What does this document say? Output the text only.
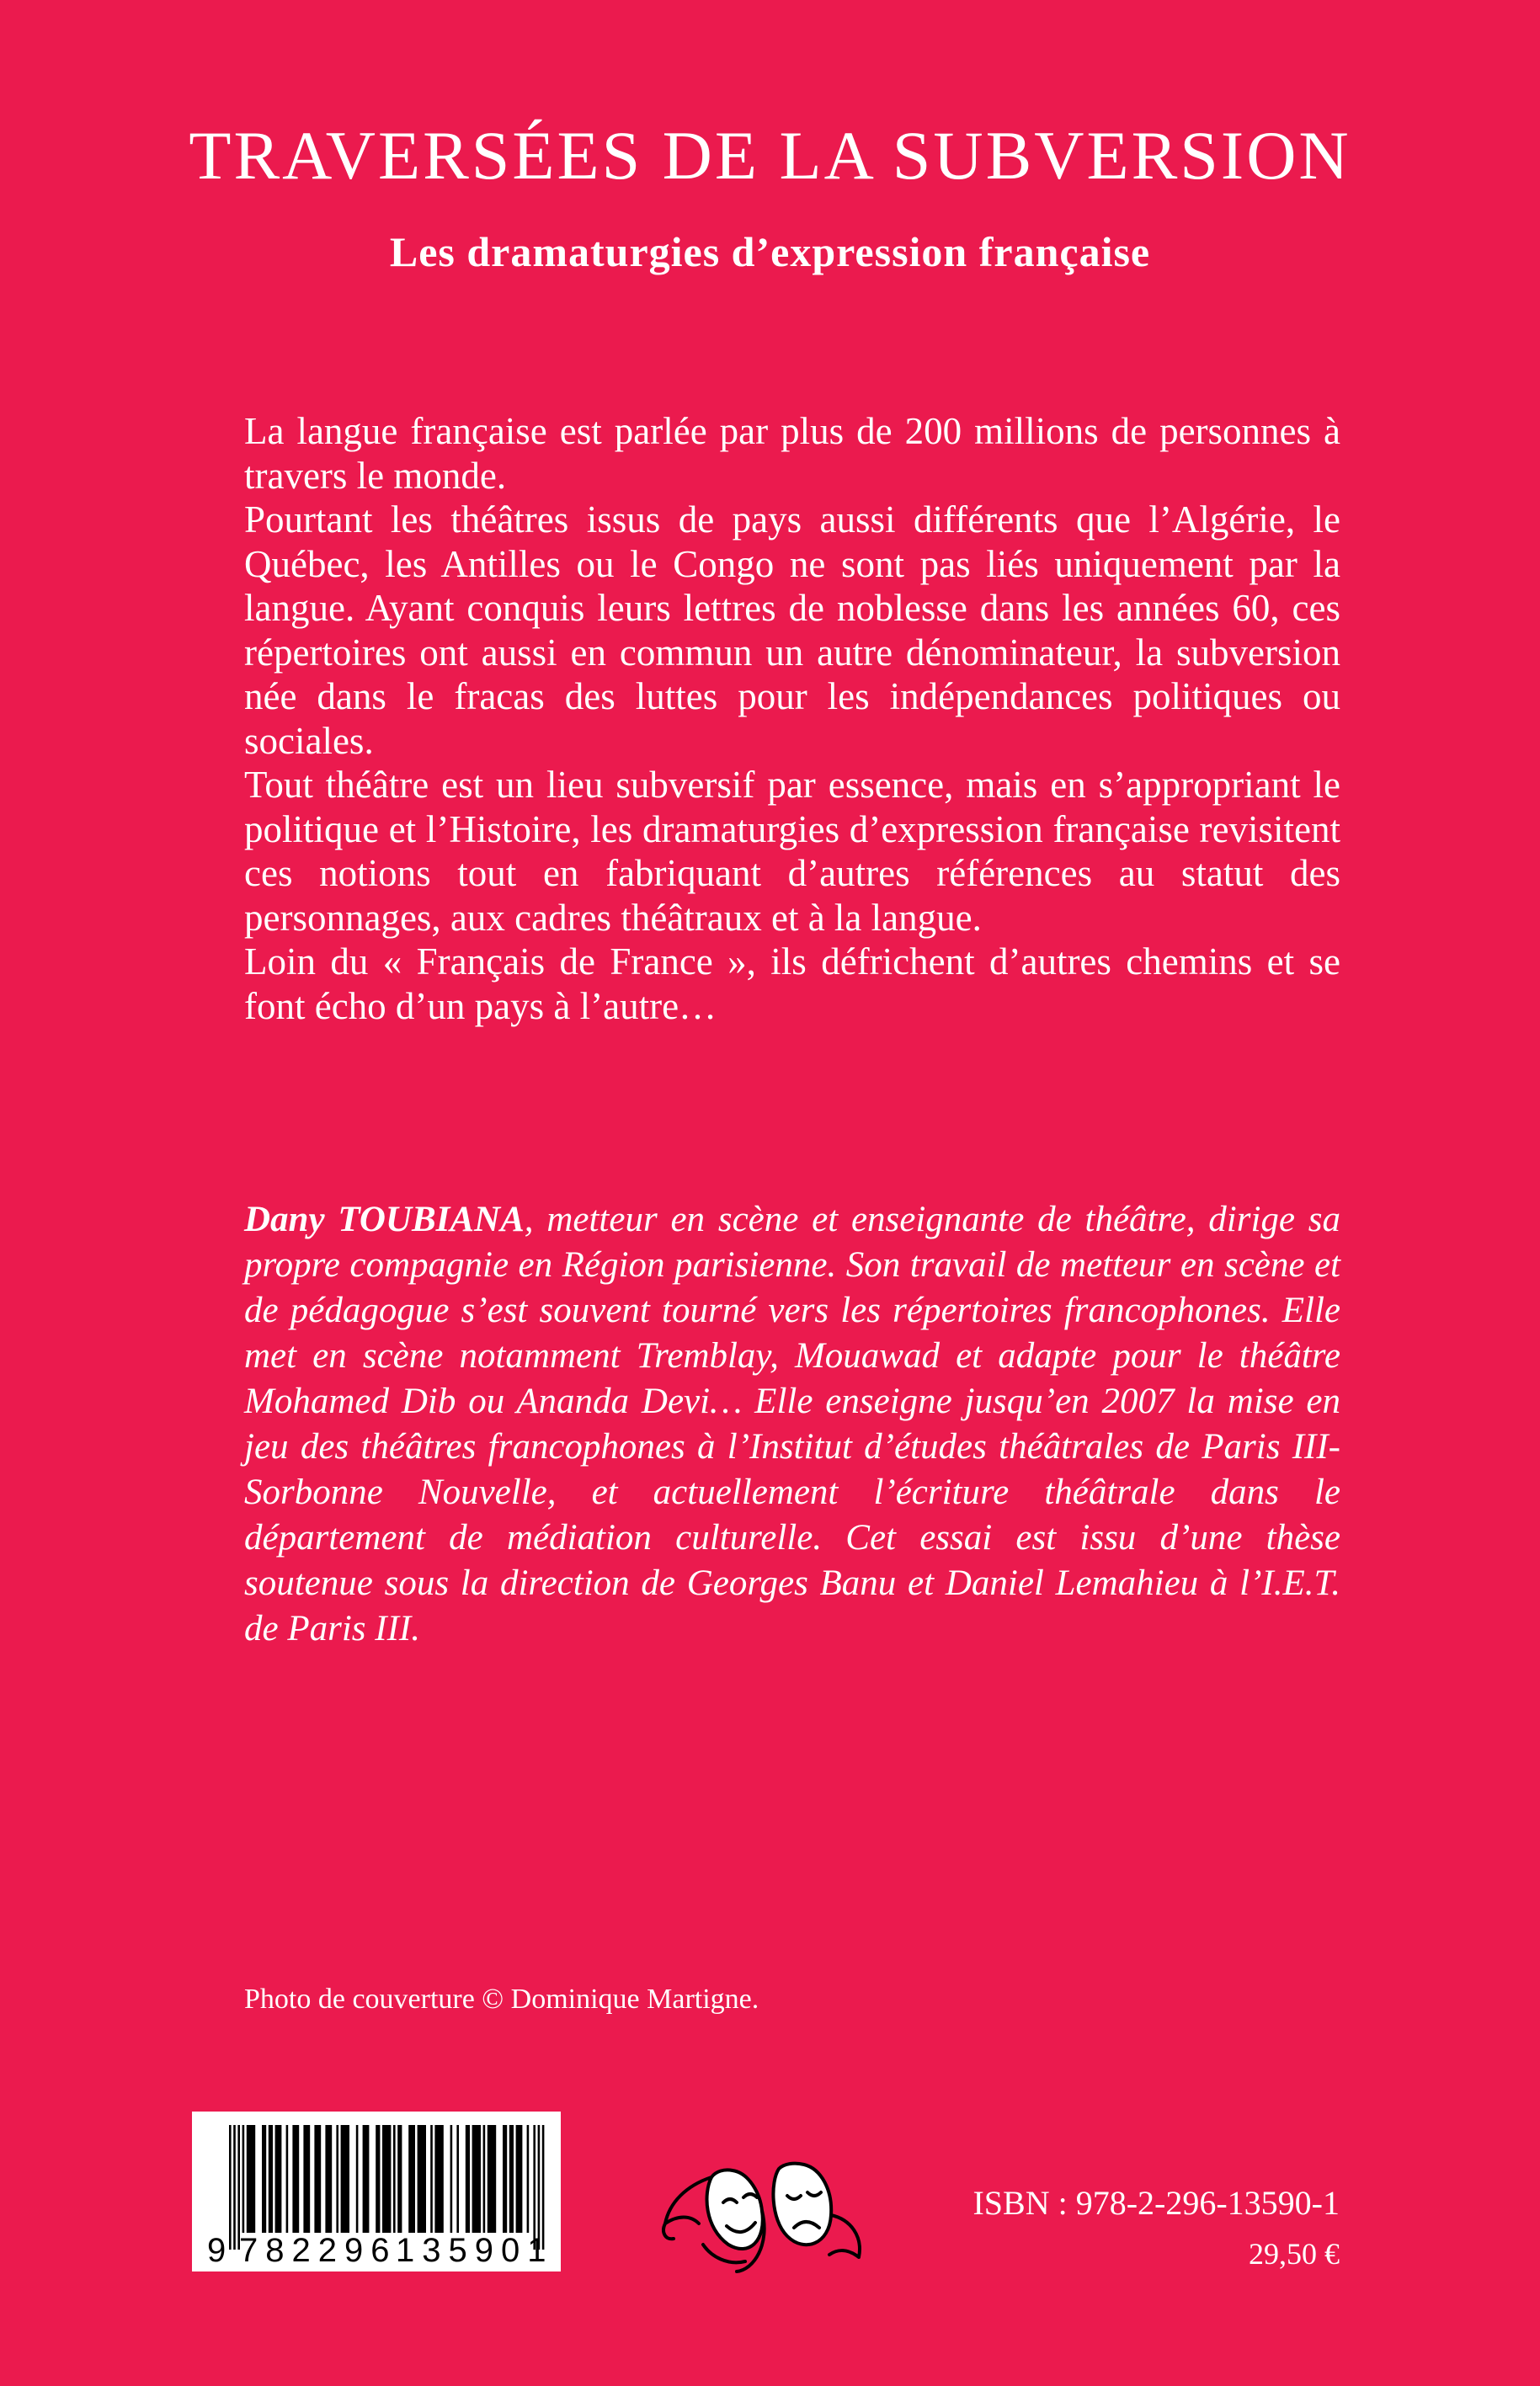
TRAVERSÉES DE LA SUBVERSION
Les dramaturgies d’expression française

La langue française est parlée par plus de 200 millions de personnes à travers le monde.

Pourtant les théâtres issus de pays aussi différents que l’Algérie, le Québec, les Antilles ou le Congo ne sont pas liés uniquement par la langue. Ayant conquis leurs lettres de noblesse dans les années 60, ces répertoires ont aussi en commun un autre dénominateur, la subversion née dans le fracas des luttes pour les indépendances politiques ou sociales.

Tout théâtre est un lieu subversif par essence, mais en s’appropriant le politique et l’Histoire, les dramaturgies d’expression française revisitent ces notions tout en fabriquant d’autres références au statut des personnages, aux cadres théâtraux et à la langue.

Loin du « Français de France », ils défrichent d’autres chemins et se font écho d’un pays à l’autre…

Dany TOUBIANA, metteur en scène et enseignante de théâtre, dirige sa propre compagnie en Région parisienne. Son travail de metteur en scène et de pédagogue s’est souvent tourné vers les répertoires francophones. Elle met en scène notamment Tremblay, Mouawad et adapte pour le théâtre Mohamed Dib ou Ananda Devi… Elle enseigne jusqu’en 2007 la mise en jeu des théâtres francophones à l’Institut d’études théâtrales de Paris III- Sorbonne Nouvelle, et actuellement l’écriture théâtrale dans le département de médiation culturelle. Cet essai est issu d’une thèse soutenue sous la direction de Georges Banu et Daniel Lemahieu à l’I.E.T. de Paris III.

Photo de couverture © Dominique Martigne.

9 782296
135901

ISBN : 978-2-296-13590-1

29,50 €
